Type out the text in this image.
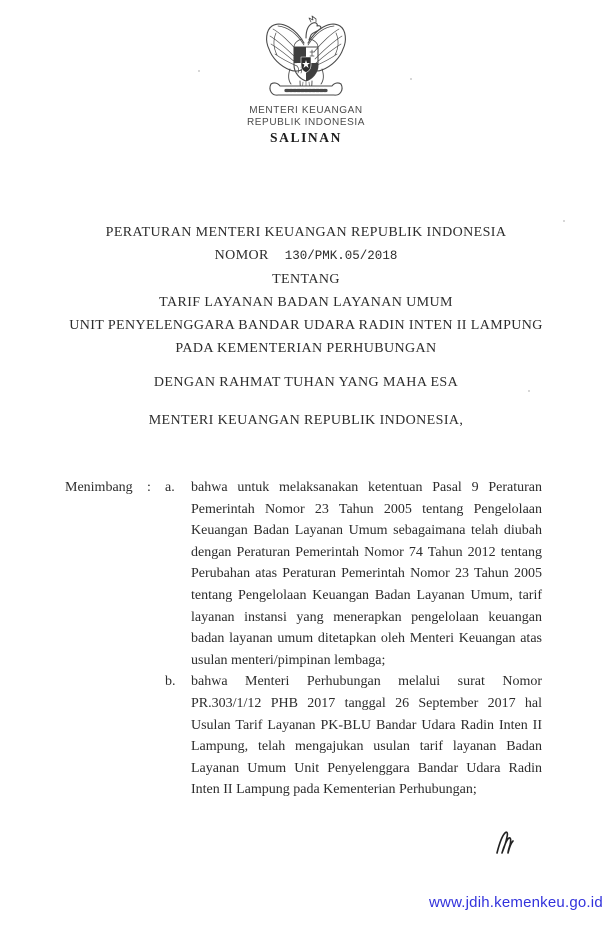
MENTERI KEUANGAN
REPUBLIK INDONESIA
SALINAN
PERATURAN MENTERI KEUANGAN REPUBLIK INDONESIA
NOMOR 130/PMK.05/2018
TENTANG
TARIF LAYANAN BADAN LAYANAN UMUM
UNIT PENYELENGGARA BANDAR UDARA RADIN INTEN II LAMPUNG
PADA KEMENTERIAN PERHUBUNGAN
DENGAN RAHMAT TUHAN YANG MAHA ESA
MENTERI KEUANGAN REPUBLIK INDONESIA,
Menimbang	:	a.	bahwa untuk melaksanakan ketentuan Pasal 9 Peraturan Pemerintah Nomor 23 Tahun 2005 tentang Pengelolaan Keuangan Badan Layanan Umum sebagaimana telah diubah dengan Peraturan Pemerintah Nomor 74 Tahun 2012 tentang Perubahan atas Peraturan Pemerintah Nomor 23 Tahun 2005 tentang Pengelolaan Keuangan Badan Layanan Umum, tarif layanan instansi yang menerapkan pengelolaan keuangan badan layanan umum ditetapkan oleh Menteri Keuangan atas usulan menteri/pimpinan lembaga;
b.	bahwa Menteri Perhubungan melalui surat Nomor PR.303/1/12 PHB 2017 tanggal 26 September 2017 hal Usulan Tarif Layanan PK-BLU Bandar Udara Radin Inten II Lampung, telah mengajukan usulan tarif layanan Badan Layanan Umum Unit Penyelenggara Bandar Udara Radin Inten II Lampung pada Kementerian Perhubungan;
www.jdih.kemenkeu.go.id
